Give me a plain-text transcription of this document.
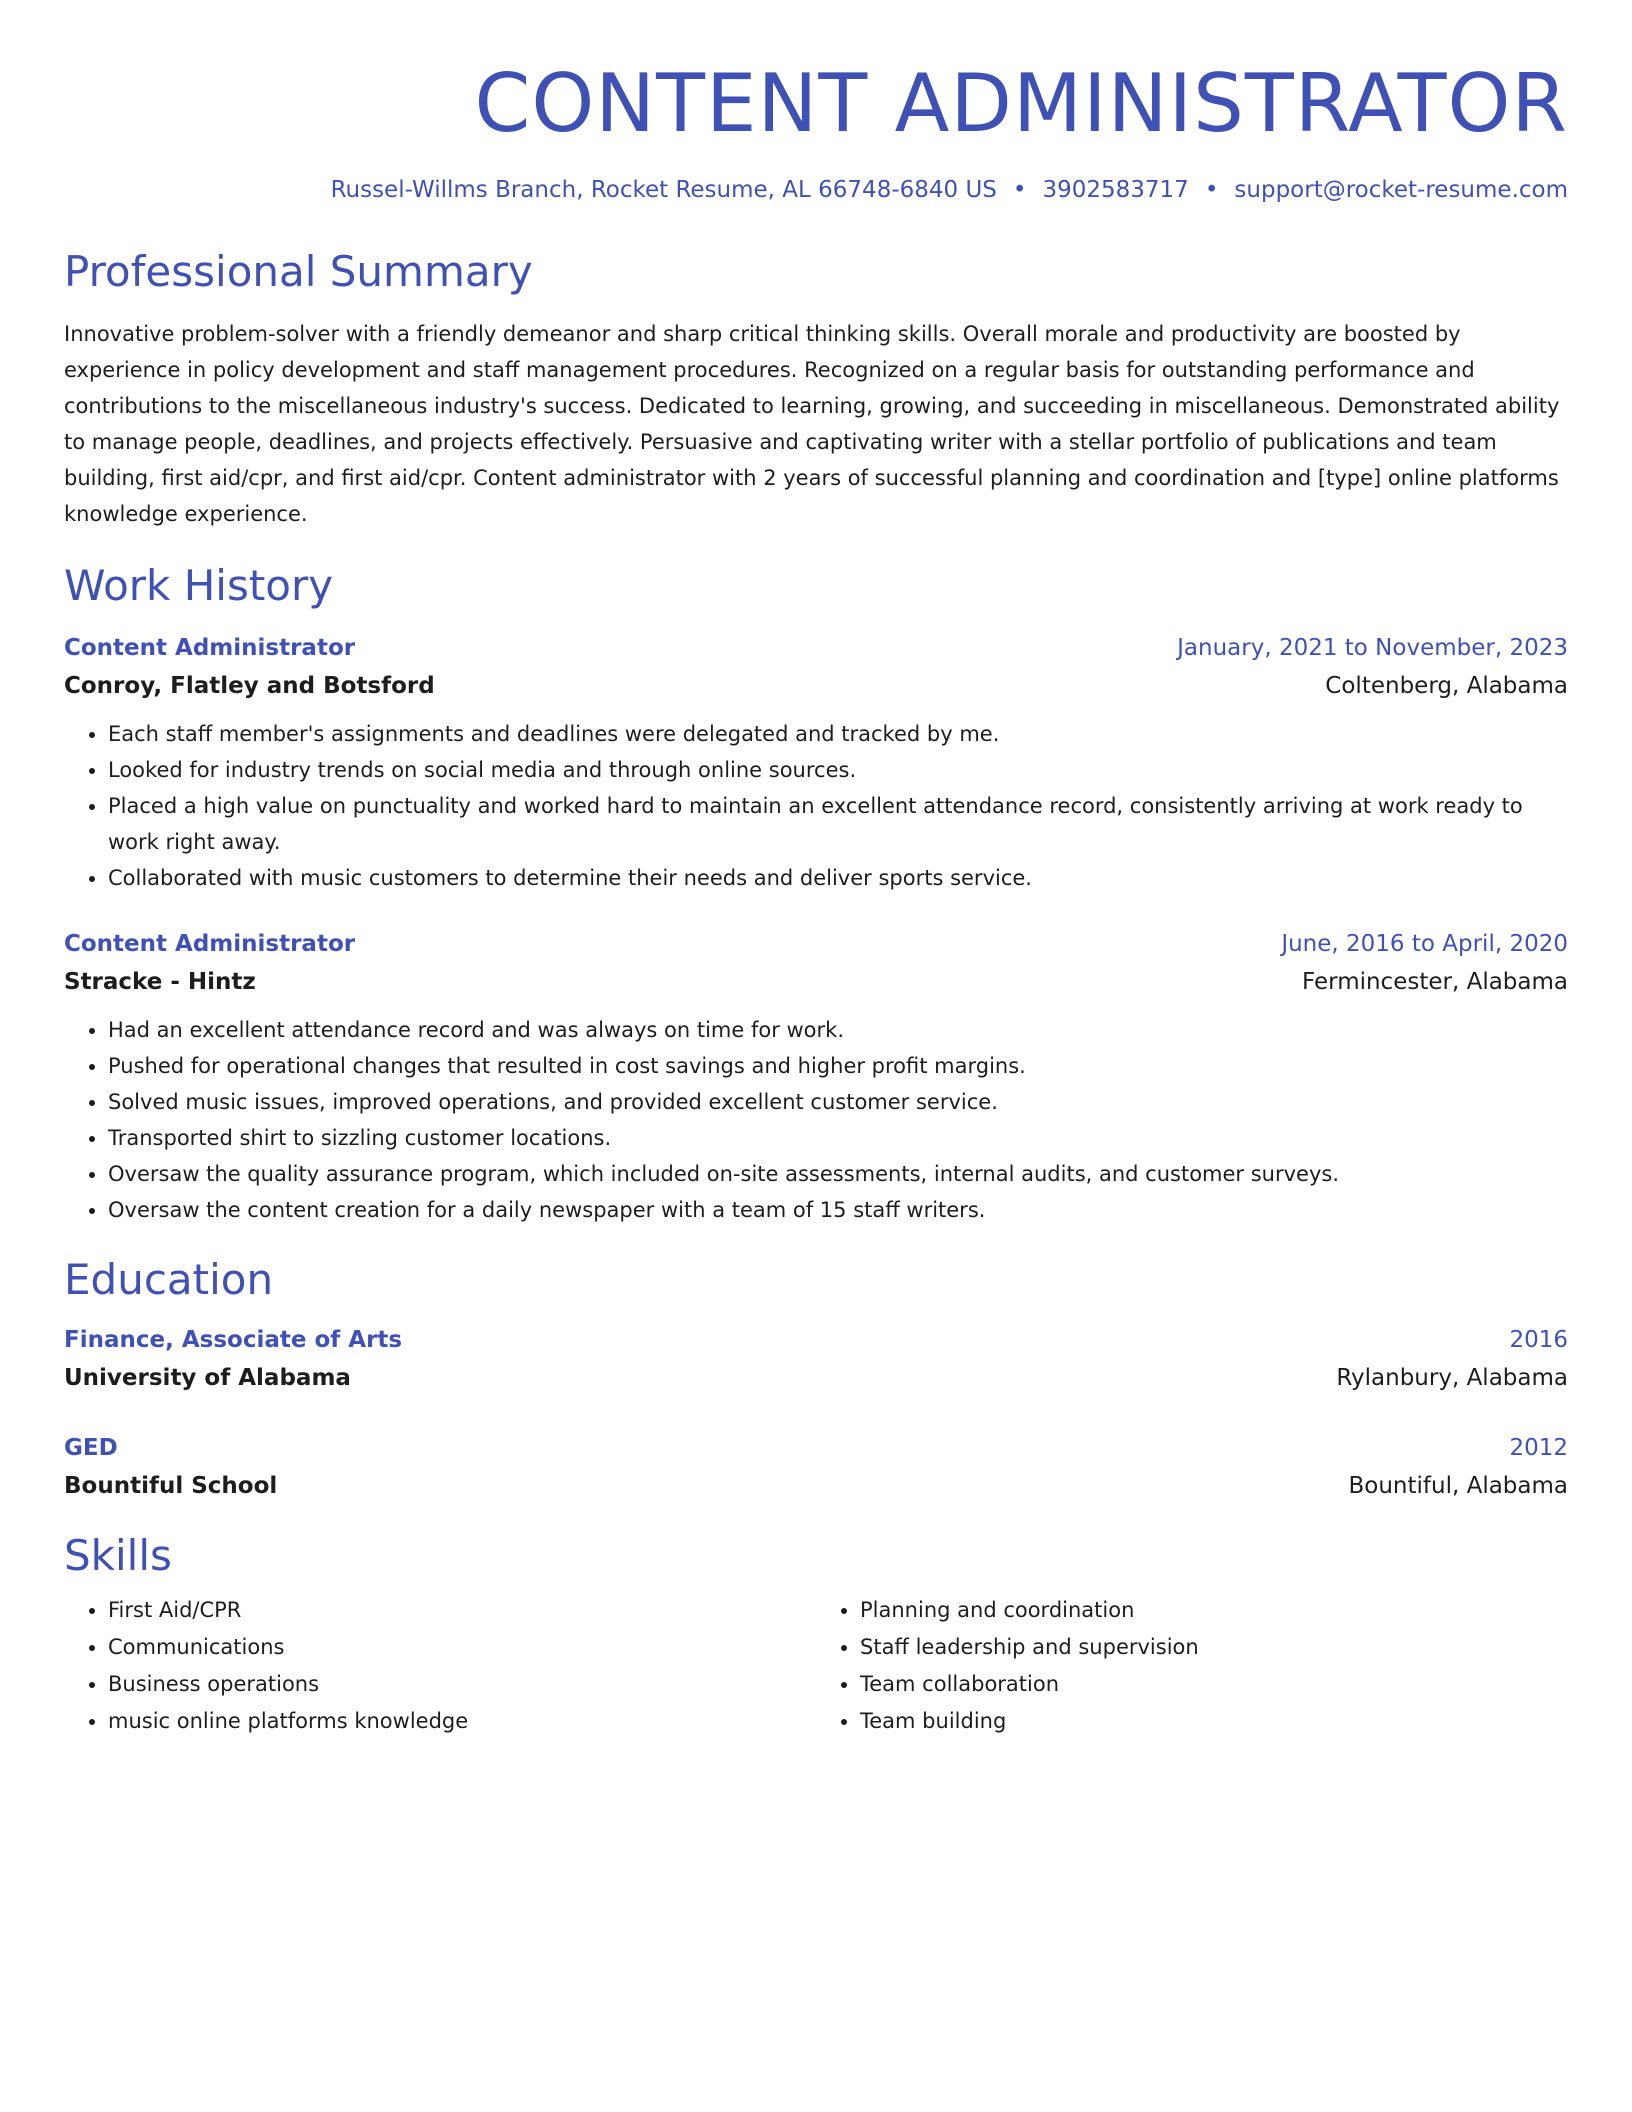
CONTENT ADMINISTRATOR
Russel-Willms Branch, Rocket Resume, AL 66748-6840 US • 3902583717 • support@rocket-resume.com
Professional Summary

Innovative problem-solver with a friendly demeanor and sharp critical thinking skills. Overall morale and productivity are boosted by experience in policy development and staff management procedures. Recognized on a regular basis for outstanding performance and contributions to the miscellaneous industry's success. Dedicated to learning, growing, and succeeding in miscellaneous. Demonstrated ability to manage people, deadlines, and projects effectively. Persuasive and captivating writer with a stellar portfolio of publications and team building, first aid/cpr, and first aid/cpr. Content administrator with 2 years of successful planning and coordination and [type] online platforms knowledge experience.

Work History
Content Administrator	January, 2021 to November, 2023
Conroy, Flatley and Botsford	Coltenberg, Alabama
• Each staff member's assignments and deadlines were delegated and tracked by me.
• Looked for industry trends on social media and through online sources.
• Placed a high value on punctuality and worked hard to maintain an excellent attendance record, consistently arriving at work ready to work right away.
• Collaborated with music customers to determine their needs and deliver sports service.
Content Administrator	June, 2016 to April, 2020
Stracke - Hintz	Fermincester, Alabama
• Had an excellent attendance record and was always on time for work.
• Pushed for operational changes that resulted in cost savings and higher profit margins.
• Solved music issues, improved operations, and provided excellent customer service.
• Transported shirt to sizzling customer locations.
• Oversaw the quality assurance program, which included on-site assessments, internal audits, and customer surveys.
• Oversaw the content creation for a daily newspaper with a team of 15 staff writers.
Education
Finance, Associate of Arts	2016
University of Alabama	Rylanbury, Alabama
GED	2012
Bountiful School	Bountiful, Alabama
Skills
• First Aid/CPR
• Communications
• Business operations
• music online platforms knowledge
• Planning and coordination
• Staff leadership and supervision
• Team collaboration
• Team building
